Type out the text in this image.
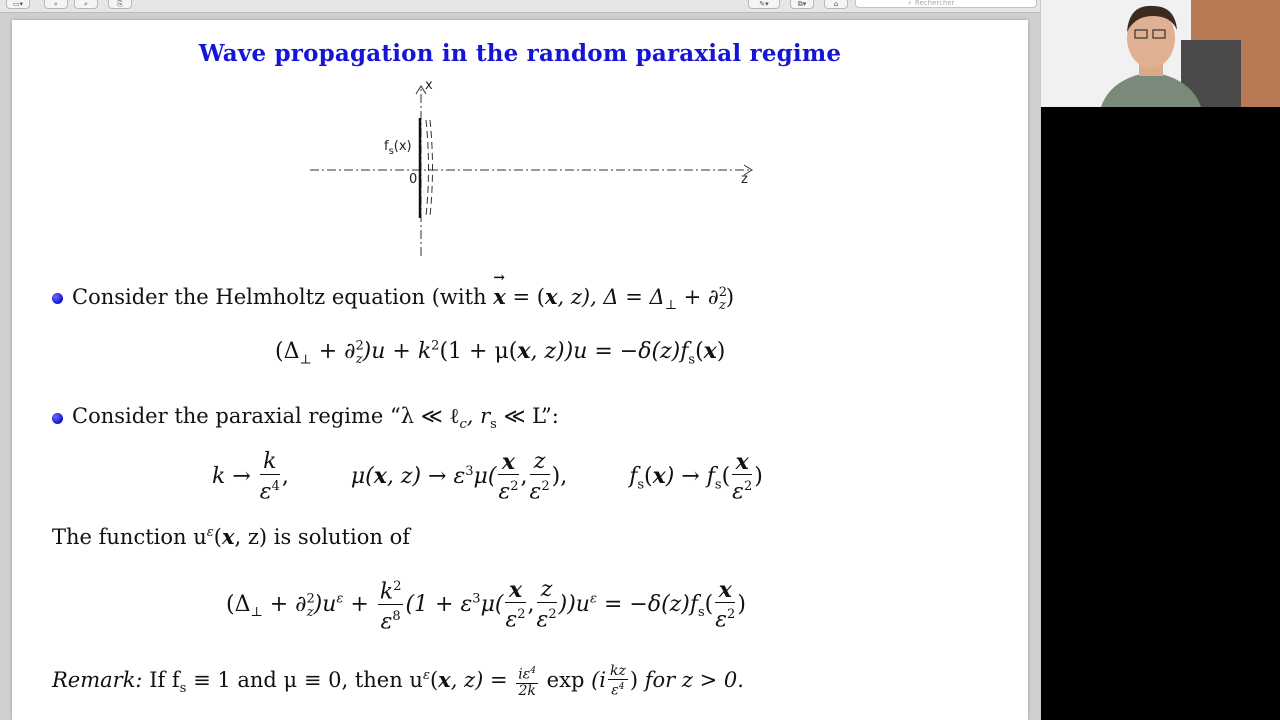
▭▾	⌕	⌕	⎘	✎▾	⧉▾	⌂	⌕ Rechercher
Wave propagation in the random paraxial regime
x
z
0
$f_s(x)$
Consider the Helmholtz equation (with
→
x = (x, z), $\Delta = \Delta_\perp + \partial^2_z$)
$(\Delta_\perp + \partial^2_z)u + k^2(1 + \mu(x$, $z))u = -\delta(z)f_s(x)$
Consider the paraxial regime “λ ≪ ℓ$_c$, $r_s$ ≪ L”:
$k \to \frac{k}{\varepsilon^4}$ ,	μ(x, $z) \to \varepsilon^3\mu( \frac{x}{\varepsilon^2}$ , $\frac{z}{\varepsilon^2}$ ),	$f_s(x) \to f_s( \frac{x}{\varepsilon^2}$ )
The function $u^\varepsilon(x$, z) is solution of
$(\Delta_\perp + \partial^2_z)u^\varepsilon + \frac{k^2}{\varepsilon^8} (1 + \varepsilon^3\mu( \frac{x}{\varepsilon^2}$ , $\frac{z}{\varepsilon^2} ))u^\varepsilon = -\delta(z)f_s( \frac{x}{\varepsilon^2}$ )
Remark: If $f_s \equiv 1$ and μ ≡ 0, then $u^\varepsilon(x$, $z) = \frac{i\varepsilon^4}{2k}$ $\exp (i \frac{kz}{\varepsilon^4}$ ) for z > 0.
